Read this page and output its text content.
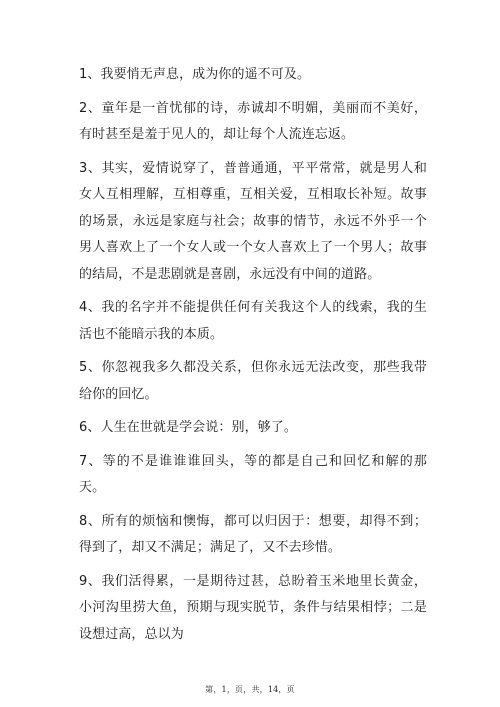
1、我要悄无声息，成为你的遥不可及。

2、童年是一首忧郁的诗，赤诚却不明媚，美丽而不美好，有时甚至是羞于见人的，却让每个人流连忘返。

3、其实，爱情说穿了，普普通通，平平常常，就是男人和女人互相理解，互相尊重，互相关爱，互相取长补短。故事的场景，永远是家庭与社会；故事的情节，永远不外乎一个男人喜欢上了一个女人或一个女人喜欢上了一个男人；故事的结局，不是悲剧就是喜剧，永远没有中间的道路。

4、我的名字并不能提供任何有关我这个人的线索，我的生活也不能暗示我的本质。

5、你忽视我多久都没关系，但你永远无法改变，那些我带给你的回忆。

6、人生在世就是学会说：别，够了。

7、等的不是谁谁谁回头，等的都是自己和回忆和解的那天。

8、所有的烦恼和懊悔，都可以归因于：想要，却得不到；得到了，却又不满足；满足了，又不去珍惜。

9、我们活得累，一是期待过甚，总盼着玉米地里长黄金，小河沟里捞大鱼，预期与现实脱节，条件与结果相悖；二是设想过高，总以为

第，1，页，共，14，页
